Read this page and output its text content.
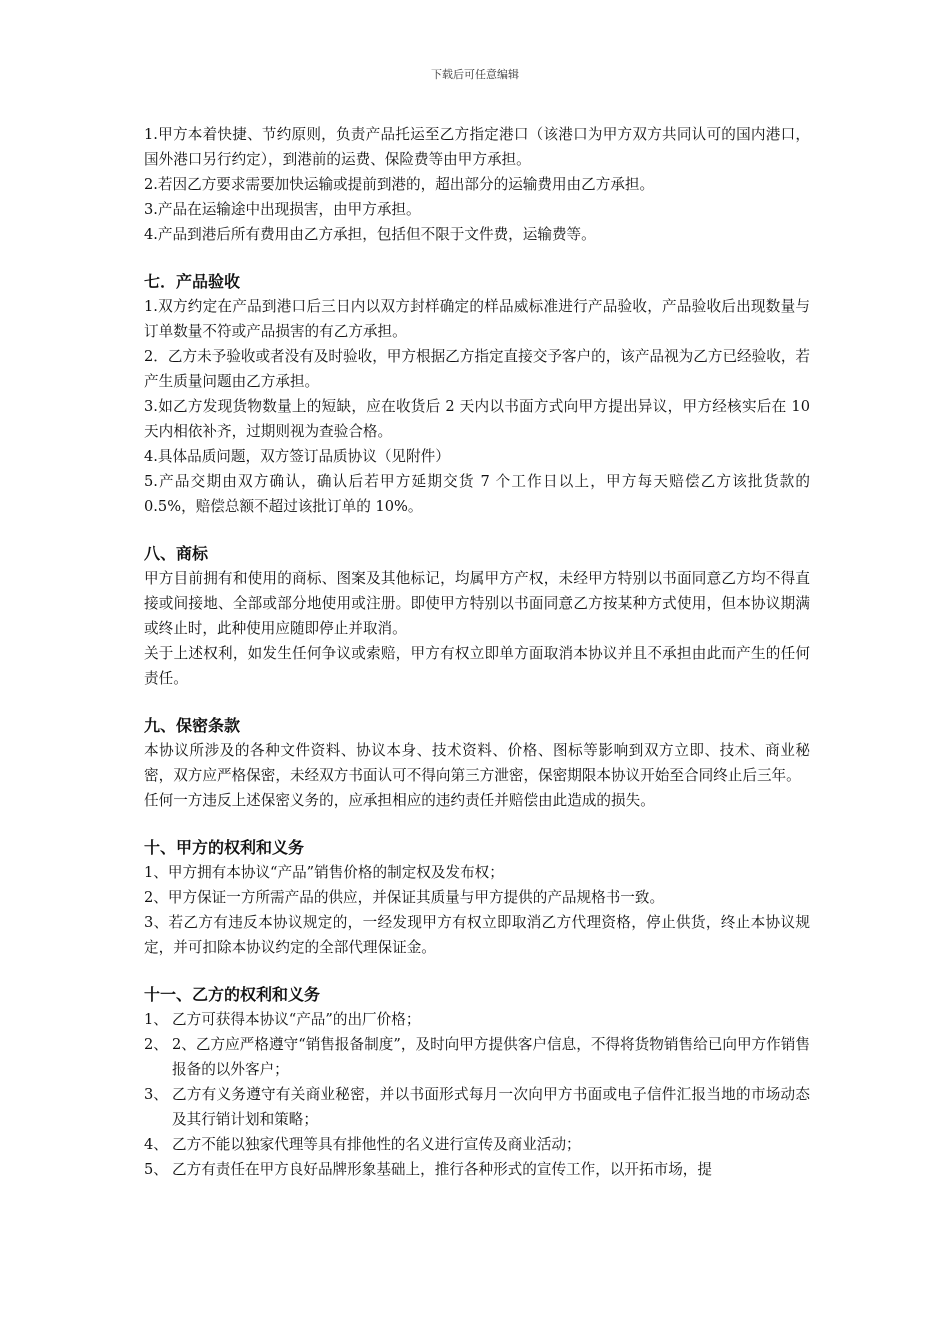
下载后可任意编辑

1.甲方本着快捷、节约原则，负责产品托运至乙方指定港口（该港口为甲方双方共同认可的国内港口，国外港口另行约定），到港前的运费、保险费等由甲方承担。

2.若因乙方要求需要加快运输或提前到港的，超出部分的运输费用由乙方承担。

3.产品在运输途中出现损害，由甲方承担。

4.产品到港后所有费用由乙方承担，包括但不限于文件费，运输费等。

七．产品验收

1.双方约定在产品到港口后三日内以双方封样确定的样品威标准进行产品验收，产品验收后出现数量与订单数量不符或产品损害的有乙方承担。

2．乙方未予验收或者没有及时验收，甲方根据乙方指定直接交予客户的，该产品视为乙方已经验收，若产生质量问题由乙方承担。

3.如乙方发现货物数量上的短缺，应在收货后 2 天内以书面方式向甲方提出异议，甲方经核实后在 10 天内相依补齐，过期则视为查验合格。

4.具体品质问题，双方签订品质协议（见附件）

5.产品交期由双方确认，确认后若甲方延期交货 7 个工作日以上，甲方每天赔偿乙方该批货款的 0.5%，赔偿总额不超过该批订单的 10%。

八、商标

甲方目前拥有和使用的商标、图案及其他标记，均属甲方产权，未经甲方特别以书面同意乙方均不得直接或间接地、全部或部分地使用或注册。即使甲方特别以书面同意乙方按某种方式使用，但本协议期满或终止时，此种使用应随即停止并取消。

关于上述权利，如发生任何争议或索赔，甲方有权立即单方面取消本协议并且不承担由此而产生的任何责任。

九、保密条款

本协议所涉及的各种文件资料、协议本身、技术资料、价格、图标等影响到双方立即、技术、商业秘密，双方应严格保密，未经双方书面认可不得向第三方泄密，保密期限本协议开始至合同终止后三年。

任何一方违反上述保密义务的，应承担相应的违约责任并赔偿由此造成的损失。

十、甲方的权利和义务

1、甲方拥有本协议“产品”销售价格的制定权及发布权；

2、甲方保证一方所需产品的供应，并保证其质量与甲方提供的产品规格书一致。

3、若乙方有违反本协议规定的，一经发现甲方有权立即取消乙方代理资格，停止供货，终止本协议规定，并可扣除本协议约定的全部代理保证金。

十一、乙方的权利和义务
1、 乙方可获得本协议“产品”的出厂价格；
2、 2、乙方应严格遵守“销售报备制度”，及时向甲方提供客户信息，不得将货物销售给已向甲方作销售报备的以外客户；
3、 乙方有义务遵守有关商业秘密，并以书面形式每月一次向甲方书面或电子信件汇报当地的市场动态及其行销计划和策略；
4、 乙方不能以独家代理等具有排他性的名义进行宣传及商业活动；
5、 乙方有责任在甲方良好品牌形象基础上，推行各种形式的宣传工作，以开拓市场，提
